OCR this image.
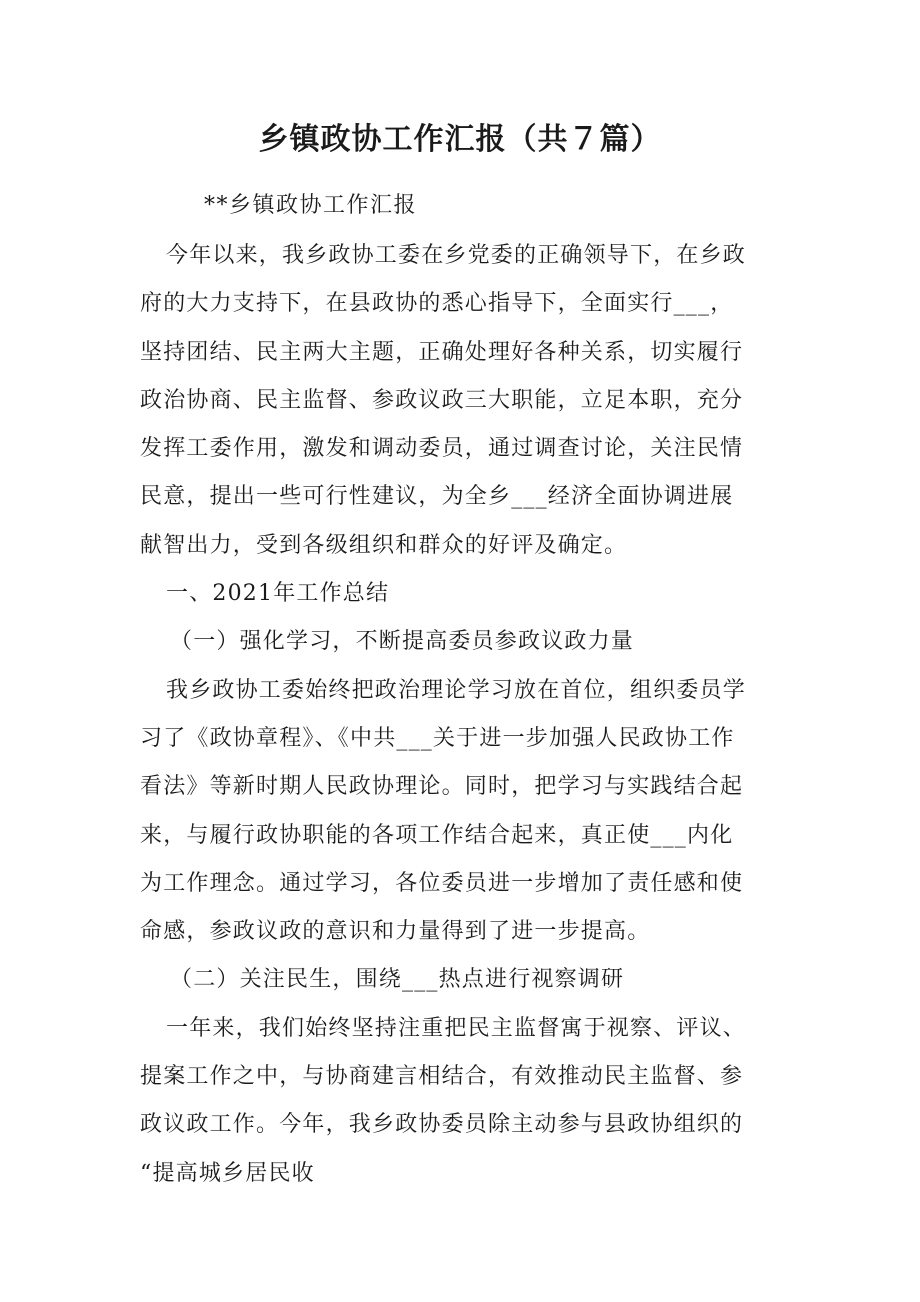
乡镇政协工作汇报（共７篇）
**乡镇政协工作汇报
今年以来，我乡政协工委在乡党委的正确领导下，在乡政
府的大力支持下，在县政协的悉心指导下，全面实行___，
坚持团结、民主两大主题，正确处理好各种关系，切实履行
政治协商、民主监督、参政议政三大职能，立足本职，充分
发挥工委作用，激发和调动委员，通过调查讨论，关注民情
民意，提出一些可行性建议，为全乡___经济全面协调进展
献智出力，受到各级组织和群众的好评及确定。
一、2021年工作总结
（一）强化学习，不断提高委员参政议政力量
我乡政协工委始终把政治理论学习放在首位，组织委员学
习了《政协章程》、《中共___关于进一步加强人民政协工作
看法》等新时期人民政协理论。同时，把学习与实践结合起
来，与履行政协职能的各项工作结合起来，真正使___内化
为工作理念。通过学习，各位委员进一步增加了责任感和使
命感，参政议政的意识和力量得到了进一步提高。
（二）关注民生，围绕___热点进行视察调研
一年来，我们始终坚持注重把民主监督寓于视察、评议、
提案工作之中，与协商建言相结合，有效推动民主监督、参
政议政工作。今年，我乡政协委员除主动参与县政协组织的
“提高城乡居民收
